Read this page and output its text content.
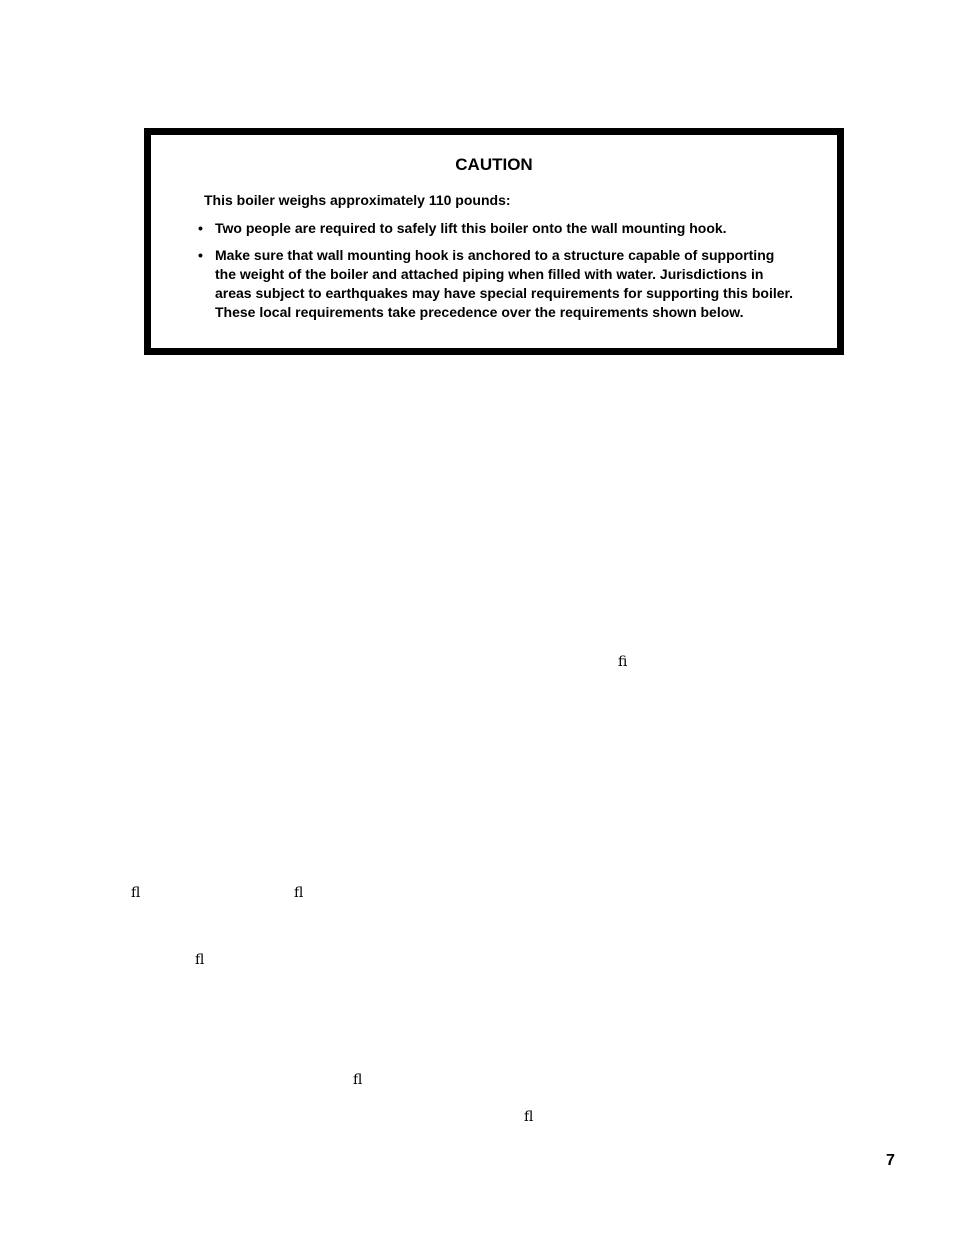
CAUTION

This boiler weighs approximately 110 pounds:

• Two people are required to safely lift this boiler onto the wall mounting hook.
• Make sure that wall mounting hook is anchored to a structure capable of supporting the weight of the boiler and attached piping when filled with water. Jurisdictions in areas subject to earthquakes may have special requirements for supporting this boiler. These local requirements take precedence over the requirements shown below.
fi
fl	fl
fl
fl
fl
7
